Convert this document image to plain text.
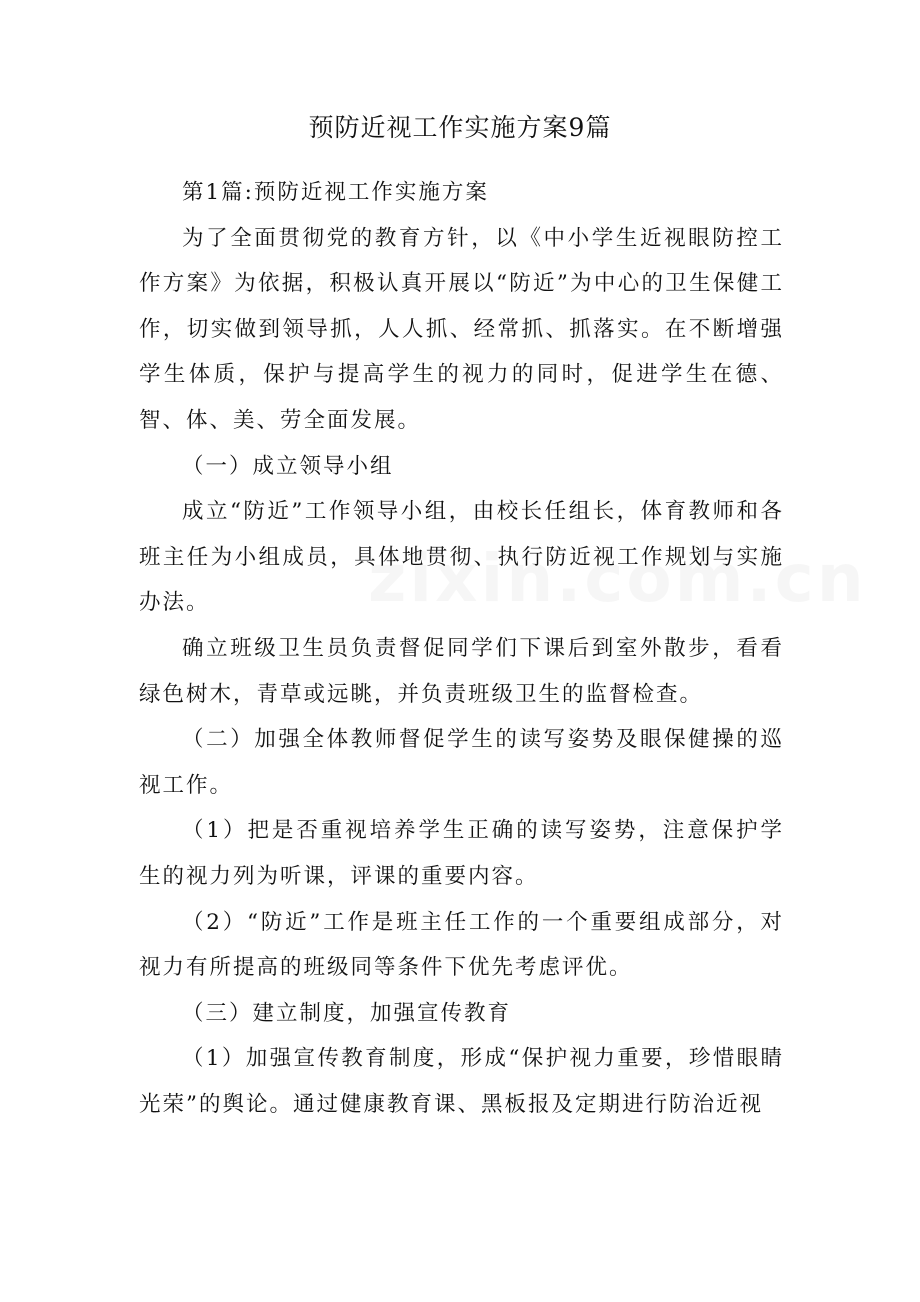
预防近视工作实施方案9篇

第1篇:预防近视工作实施方案

为了全面贯彻党的教育方针，以《中小学生近视眼防控工作方案》为依据，积极认真开展以“防近”为中心的卫生保健工作，切实做到领导抓，人人抓、经常抓、抓落实。在不断增强学生体质，保护与提高学生的视力的同时，促进学生在德、智、体、美、劳全面发展。

（一）成立领导小组

成立“防近”工作领导小组，由校长任组长，体育教师和各班主任为小组成员，具体地贯彻、执行防近视工作规划与实施办法。

确立班级卫生员负责督促同学们下课后到室外散步，看看绿色树木，青草或远眺，并负责班级卫生的监督检查。

（二）加强全体教师督促学生的读写姿势及眼保健操的巡视工作。

（1）把是否重视培养学生正确的读写姿势，注意保护学生的视力列为听课，评课的重要内容。

（2）“防近”工作是班主任工作的一个重要组成部分，对视力有所提高的班级同等条件下优先考虑评优。

（三）建立制度，加强宣传教育

（1）加强宣传教育制度，形成“保护视力重要，珍惜眼睛光荣”的舆论。通过健康教育课、黑板报及定期进行防治近视
